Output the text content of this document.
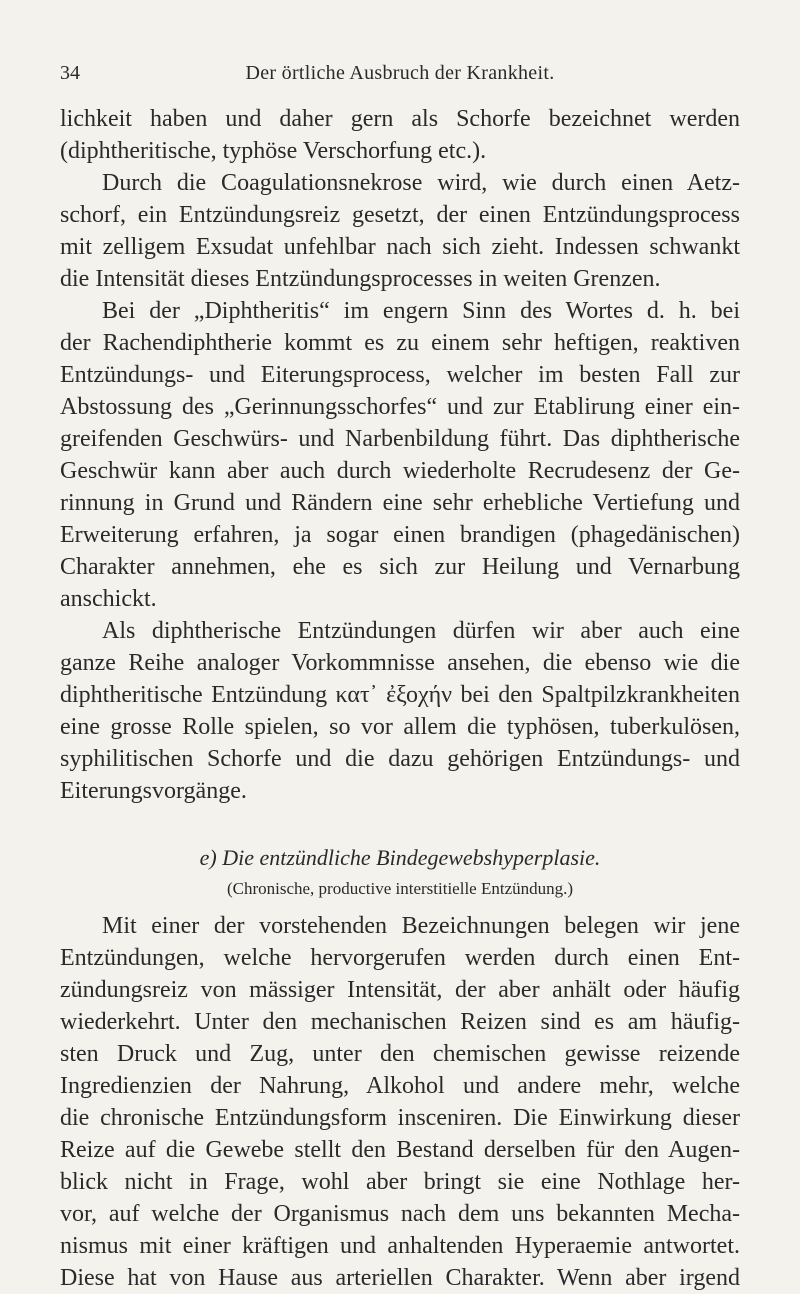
34	Der örtliche Ausbruch der Krankheit.
lichkeit haben und daher gern als Schorfe bezeichnet werden
(diphtheritische, typhöse Verschorfung etc.).
Durch die Coagulationsnekrose wird, wie durch einen Aetz-
schorf, ein Entzündungsreiz gesetzt, der einen Entzündungsprocess
mit zelligem Exsudat unfehlbar nach sich zieht. Indessen schwankt
die Intensität dieses Entzündungsprocesses in weiten Grenzen.
Bei der „Diphtheritis“ im engern Sinn des Wortes d. h. bei
der Rachendiphtherie kommt es zu einem sehr heftigen, reaktiven
Entzündungs- und Eiterungsprocess, welcher im besten Fall zur
Abstossung des „Gerinnungsschorfes“ und zur Etablirung einer ein-
greifenden Geschwürs- und Narbenbildung führt. Das diphtherische
Geschwür kann aber auch durch wiederholte Recrudesenz der Ge-
rinnung in Grund und Rändern eine sehr erhebliche Vertiefung und
Erweiterung erfahren, ja sogar einen brandigen (phagedänischen)
Charakter annehmen, ehe es sich zur Heilung und Vernarbung
anschickt.
Als diphtherische Entzündungen dürfen wir aber auch eine
ganze Reihe analoger Vorkommnisse ansehen, die ebenso wie die
diphtheritische Entzündung κατ᾽ ἐξοχήν bei den Spaltpilzkrankheiten
eine grosse Rolle spielen, so vor allem die typhösen, tuberkulösen,
syphilitischen Schorfe und die dazu gehörigen Entzündungs- und
Eiterungsvorgänge.
e) Die entzündliche Bindegewebshyperplasie.
(Chronische, productive interstitielle Entzündung.)
Mit einer der vorstehenden Bezeichnungen belegen wir jene
Entzündungen, welche hervorgerufen werden durch einen Ent-
zündungsreiz von mässiger Intensität, der aber anhält oder häufig
wiederkehrt. Unter den mechanischen Reizen sind es am häufig-
sten Druck und Zug, unter den chemischen gewisse reizende
Ingredienzien der Nahrung, Alkohol und andere mehr, welche
die chronische Entzündungsform insceniren. Die Einwirkung dieser
Reize auf die Gewebe stellt den Bestand derselben für den Augen-
blick nicht in Frage, wohl aber bringt sie eine Nothlage her-
vor, auf welche der Organismus nach dem uns bekannten Mecha-
nismus mit einer kräftigen und anhaltenden Hyperaemie antwortet.
Diese hat von Hause aus arteriellen Charakter. Wenn aber irgend
